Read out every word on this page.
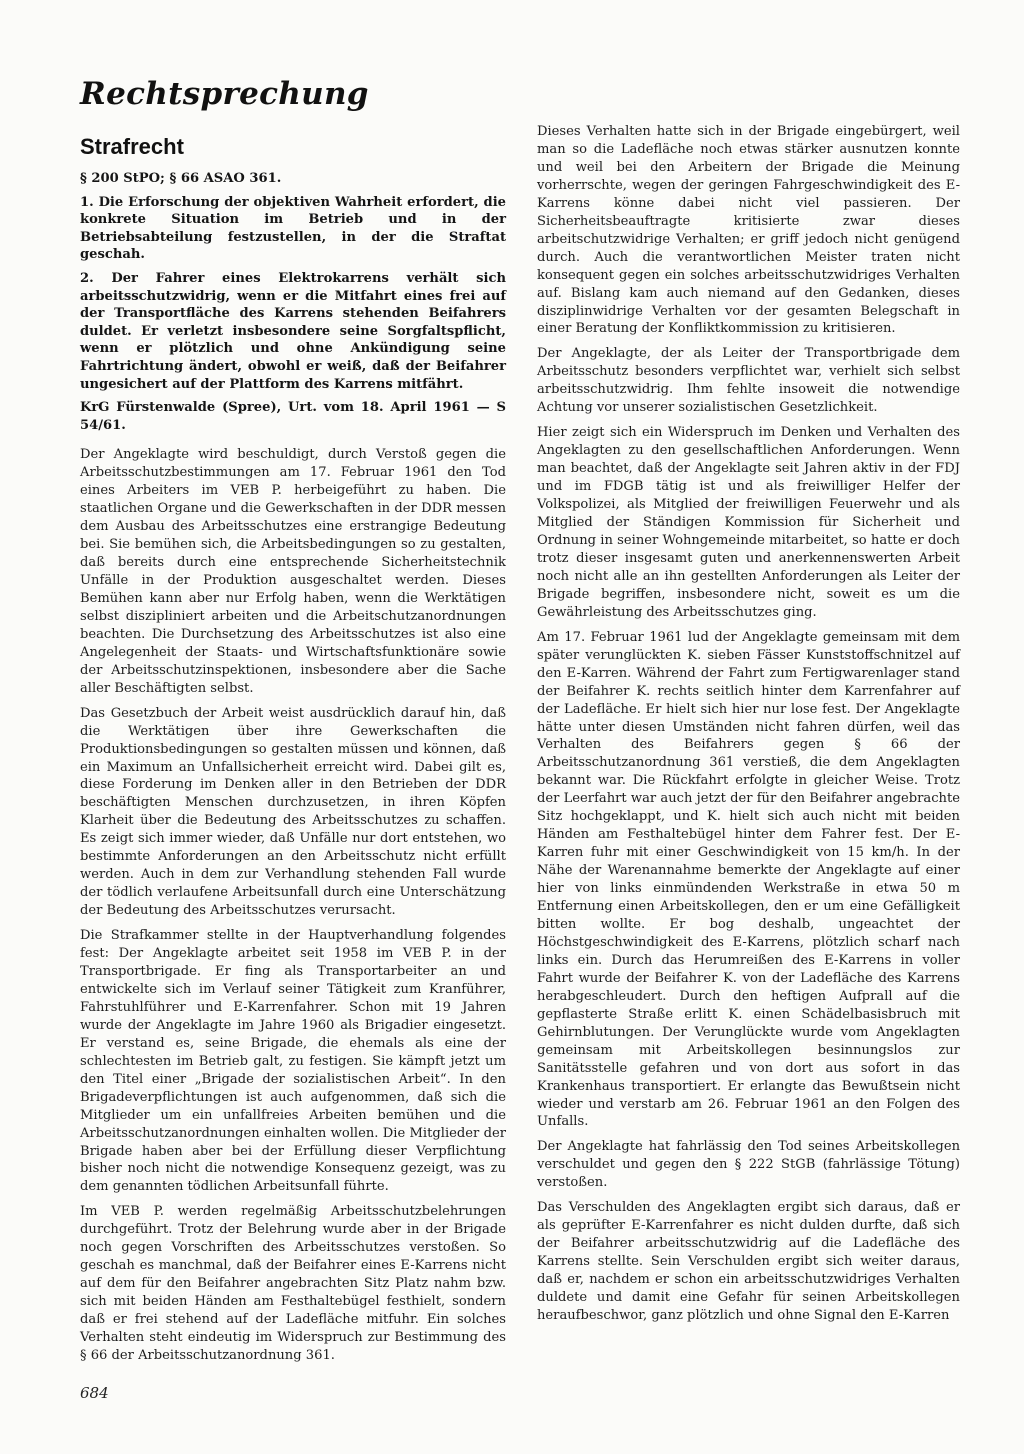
Rechtsprechung
Strafrecht
§ 200 StPO; § 66 ASAO 361.
1. Die Erforschung der objektiven Wahrheit erfordert, die konkrete Situation im Betrieb und in der Betriebsabteilung festzustellen, in der die Straftat geschah.
2. Der Fahrer eines Elektrokarrens verhält sich arbeitsschutzwidrig, wenn er die Mitfahrt eines frei auf der Transportfläche des Karrens stehenden Beifahrers duldet. Er verletzt insbesondere seine Sorgfaltspflicht, wenn er plötzlich und ohne Ankündigung seine Fahrtrichtung ändert, obwohl er weiß, daß der Beifahrer ungesichert auf der Plattform des Karrens mitfährt.
KrG Fürstenwalde (Spree), Urt. vom 18. April 1961 — S 54/61.

Der Angeklagte wird beschuldigt, durch Verstoß gegen die Arbeitsschutzbestimmungen am 17. Februar 1961 den Tod eines Arbeiters im VEB P. herbeigeführt zu haben. Die staatlichen Organe und die Gewerkschaften in der DDR messen dem Ausbau des Arbeitsschutzes eine erstrangige Bedeutung bei. Sie bemühen sich, die Arbeitsbedingungen so zu gestalten, daß bereits durch eine entsprechende Sicherheitstechnik Unfälle in der Produktion ausgeschaltet werden. Dieses Bemühen kann aber nur Erfolg haben, wenn die Werktätigen selbst diszipliniert arbeiten und die Arbeitschutzanordnungen beachten. Die Durchsetzung des Arbeitsschutzes ist also eine Angelegenheit der Staats- und Wirtschaftsfunktionäre sowie der Arbeitsschutzinspektionen, insbesondere aber die Sache aller Beschäftigten selbst.

Das Gesetzbuch der Arbeit weist ausdrücklich darauf hin, daß die Werktätigen über ihre Gewerkschaften die Produktionsbedingungen so gestalten müssen und können, daß ein Maximum an Unfallsicherheit erreicht wird. Dabei gilt es, diese Forderung im Denken aller in den Betrieben der DDR beschäftigten Menschen durchzusetzen, in ihren Köpfen Klarheit über die Bedeutung des Arbeitsschutzes zu schaffen. Es zeigt sich immer wieder, daß Unfälle nur dort entstehen, wo bestimmte Anforderungen an den Arbeitsschutz nicht erfüllt werden. Auch in dem zur Verhandlung stehenden Fall wurde der tödlich verlaufene Arbeitsunfall durch eine Unterschätzung der Bedeutung des Arbeitsschutzes verursacht.

Die Strafkammer stellte in der Hauptverhandlung folgendes fest: Der Angeklagte arbeitet seit 1958 im VEB P. in der Transportbrigade. Er fing als Transportarbeiter an und entwickelte sich im Verlauf seiner Tätigkeit zum Kranführer, Fahrstuhlführer und E-Karrenfahrer. Schon mit 19 Jahren wurde der Angeklagte im Jahre 1960 als Brigadier eingesetzt. Er verstand es, seine Brigade, die ehemals als eine der schlechtesten im Betrieb galt, zu festigen. Sie kämpft jetzt um den Titel einer „Brigade der sozialistischen Arbeit“. In den Brigadeverpflichtungen ist auch aufgenommen, daß sich die Mitglieder um ein unfallfreies Arbeiten bemühen und die Arbeitsschutzanordnungen einhalten wollen. Die Mitglieder der Brigade haben aber bei der Erfüllung dieser Verpflichtung bisher noch nicht die notwendige Konsequenz gezeigt, was zu dem genannten tödlichen Arbeitsunfall führte.

Im VEB P. werden regelmäßig Arbeitsschutzbelehrungen durchgeführt. Trotz der Belehrung wurde aber in der Brigade noch gegen Vorschriften des Arbeitsschutzes verstoßen. So geschah es manchmal, daß der Beifahrer eines E-Karrens nicht auf dem für den Beifahrer angebrachten Sitz Platz nahm bzw. sich mit beiden Händen am Festhaltebügel festhielt, sondern daß er frei stehend auf der Ladefläche mitfuhr. Ein solches Verhalten steht eindeutig im Widerspruch zur Bestimmung des § 66 der Arbeitsschutzanordnung 361.

Dieses Verhalten hatte sich in der Brigade eingebürgert, weil man so die Ladefläche noch etwas stärker ausnutzen konnte und weil bei den Arbeitern der Brigade die Meinung vorherrschte, wegen der geringen Fahrgeschwindigkeit des E-Karrens könne dabei nicht viel passieren. Der Sicherheitsbeauftragte kritisierte zwar dieses arbeitschutzwidrige Verhalten; er griff jedoch nicht genügend durch. Auch die verantwortlichen Meister traten nicht konsequent gegen ein solches arbeitsschutzwidriges Verhalten auf. Bislang kam auch niemand auf den Gedanken, dieses disziplinwidrige Verhalten vor der gesamten Belegschaft in einer Beratung der Konfliktkommission zu kritisieren.

Der Angeklagte, der als Leiter der Transportbrigade dem Arbeitsschutz besonders verpflichtet war, verhielt sich selbst arbeitsschutzwidrig. Ihm fehlte insoweit die notwendige Achtung vor unserer sozialistischen Gesetzlichkeit.

Hier zeigt sich ein Widerspruch im Denken und Verhalten des Angeklagten zu den gesellschaftlichen Anforderungen. Wenn man beachtet, daß der Angeklagte seit Jahren aktiv in der FDJ und im FDGB tätig ist und als freiwilliger Helfer der Volkspolizei, als Mitglied der freiwilligen Feuerwehr und als Mitglied der Ständigen Kommission für Sicherheit und Ordnung in seiner Wohngemeinde mitarbeitet, so hatte er doch trotz dieser insgesamt guten und anerkennenswerten Arbeit noch nicht alle an ihn gestellten Anforderungen als Leiter der Brigade begriffen, insbesondere nicht, soweit es um die Gewährleistung des Arbeitsschutzes ging.

Am 17. Februar 1961 lud der Angeklagte gemeinsam mit dem später verunglückten K. sieben Fässer Kunststoffschnitzel auf den E-Karren. Während der Fahrt zum Fertigwarenlager stand der Beifahrer K. rechts seitlich hinter dem Karrenfahrer auf der Ladefläche. Er hielt sich hier nur lose fest. Der Angeklagte hätte unter diesen Umständen nicht fahren dürfen, weil das Verhalten des Beifahrers gegen § 66 der Arbeitsschutzanordnung 361 verstieß, die dem Angeklagten bekannt war. Die Rückfahrt erfolgte in gleicher Weise. Trotz der Leerfahrt war auch jetzt der für den Beifahrer angebrachte Sitz hochgeklappt, und K. hielt sich auch nicht mit beiden Händen am Festhaltebügel hinter dem Fahrer fest. Der E-Karren fuhr mit einer Geschwindigkeit von 15 km/h. In der Nähe der Warenannahme bemerkte der Angeklagte auf einer hier von links einmündenden Werkstraße in etwa 50 m Entfernung einen Arbeitskollegen, den er um eine Gefälligkeit bitten wollte. Er bog deshalb, ungeachtet der Höchstgeschwindigkeit des E-Karrens, plötzlich scharf nach links ein. Durch das Herumreißen des E-Karrens in voller Fahrt wurde der Beifahrer K. von der Ladefläche des Karrens herabgeschleudert. Durch den heftigen Aufprall auf die gepflasterte Straße erlitt K. einen Schädelbasisbruch mit Gehirnblutungen. Der Verunglückte wurde vom Angeklagten gemeinsam mit Arbeitskollegen besinnungslos zur Sanitätsstelle gefahren und von dort aus sofort in das Krankenhaus transportiert. Er erlangte das Bewußtsein nicht wieder und verstarb am 26. Februar 1961 an den Folgen des Unfalls.

Der Angeklagte hat fahrlässig den Tod seines Arbeitskollegen verschuldet und gegen den § 222 StGB (fahrlässige Tötung) verstoßen.

Das Verschulden des Angeklagten ergibt sich daraus, daß er als geprüfter E-Karrenfahrer es nicht dulden durfte, daß sich der Beifahrer arbeitsschutzwidrig auf die Ladefläche des Karrens stellte. Sein Verschulden ergibt sich weiter daraus, daß er, nachdem er schon ein arbeitsschutzwidriges Verhalten duldete und damit eine Gefahr für seinen Arbeitskollegen heraufbeschwor, ganz plötzlich und ohne Signal den E-Karren

684
